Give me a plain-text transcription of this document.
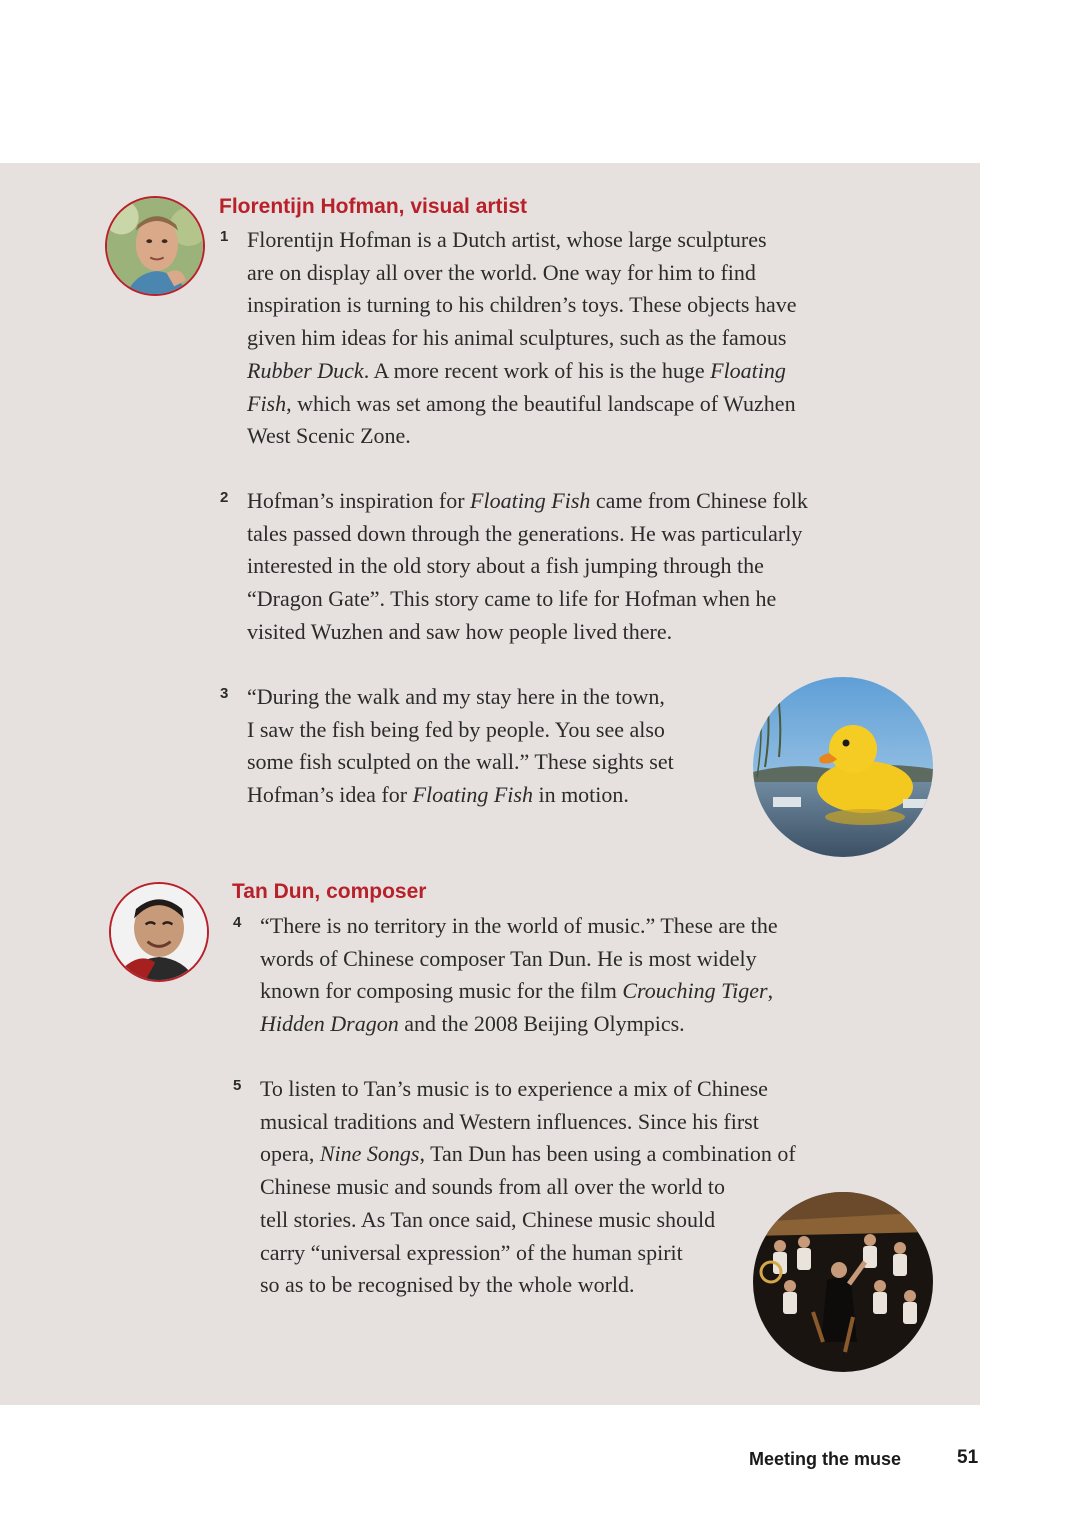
Florentijn Hofman, visual artist
1 Florentijn Hofman is a Dutch artist, whose large sculptures
are on display all over the world. One way for him to find
inspiration is turning to his children’s toys. These objects have
given him ideas for his animal sculptures, such as the famous
Rubber Duck. A more recent work of his is the huge Floating
Fish, which was set among the beautiful landscape of Wuzhen
West Scenic Zone.
2 Hofman’s inspiration for Floating Fish came from Chinese folk
tales passed down through the generations. He was particularly
interested in the old story about a fish jumping through the
“Dragon Gate”. This story came to life for Hofman when he
visited Wuzhen and saw how people lived there.
3 “During the walk and my stay here in the town,
I saw the fish being fed by people. You see also
some fish sculpted on the wall.” These sights set
Hofman’s idea for Floating Fish in motion.
Tan Dun, composer
4 “There is no territory in the world of music.” These are the
words of Chinese composer Tan Dun. He is most widely
known for composing music for the film Crouching Tiger,
Hidden Dragon and the 2008 Beijing Olympics.
5 To listen to Tan’s music is to experience a mix of Chinese
musical traditions and Western influences. Since his first
opera, Nine Songs, Tan Dun has been using a combination of
Chinese music and sounds from all over the world to
tell stories. As Tan once said, Chinese music should
carry “universal expression” of the human spirit
so as to be recognised by the whole world.
Meeting the muse	51
